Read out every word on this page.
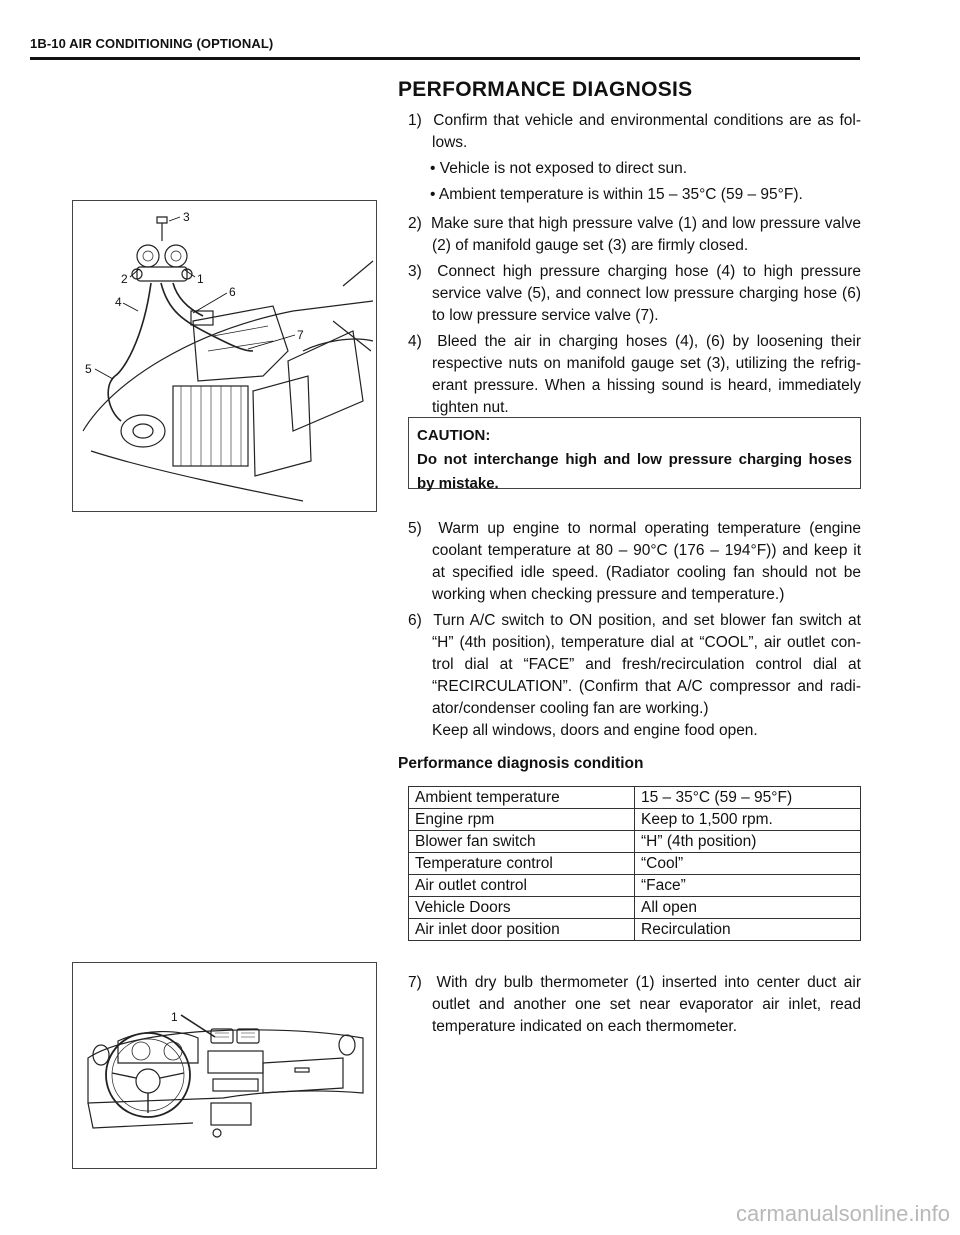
1B-10 AIR CONDITIONING (OPTIONAL)
PERFORMANCE DIAGNOSIS

1)  Confirm that vehicle and environmental conditions are as fol- lows.

• Vehicle is not exposed to direct sun.

• Ambient temperature is within 15 – 35°C (59 – 95°F).

3
2	1
6
4
7
5

2)  Make sure that high pressure valve (1) and low pressure valve (2) of manifold gauge set (3) are firmly closed.

3)  Connect high pressure charging hose (4) to high pressure service valve (5), and connect low pressure charging hose (6) to low pressure service valve (7).

4)  Bleed the air in charging hoses (4), (6) by loosening their respective nuts on manifold gauge set (3), utilizing the refrig- erant pressure. When a hissing sound is heard, immediately tighten nut.

CAUTION:

Do not interchange high and low pressure charging hoses by mistake.

5)  Warm up engine to normal operating temperature (engine coolant temperature at 80 – 90°C (176 – 194°F)) and keep it at specified idle speed. (Radiator cooling fan should not be working when checking pressure and temperature.)

6)  Turn A/C switch to ON position, and set blower fan switch at “H” (4th position), temperature dial at “COOL”, air outlet con- trol dial at “FACE” and fresh/recirculation control dial at “RECIRCULATION”. (Confirm that A/C compressor and radi- ator/condenser cooling fan are working.)

Keep all windows, doors and engine food open.

Performance diagnosis condition
Ambient temperature	15 – 35°C (59 – 95°F)
Engine rpm	Keep to 1,500 rpm.
Blower fan switch	“H” (4th position)
Temperature control	“Cool”
Air outlet control	“Face”
Vehicle Doors	All open
Air inlet door position	Recirculation
1

7)  With dry bulb thermometer (1) inserted into center duct air outlet and another one set near evaporator air inlet, read temperature indicated on each thermometer.

carmanualsonline.info
